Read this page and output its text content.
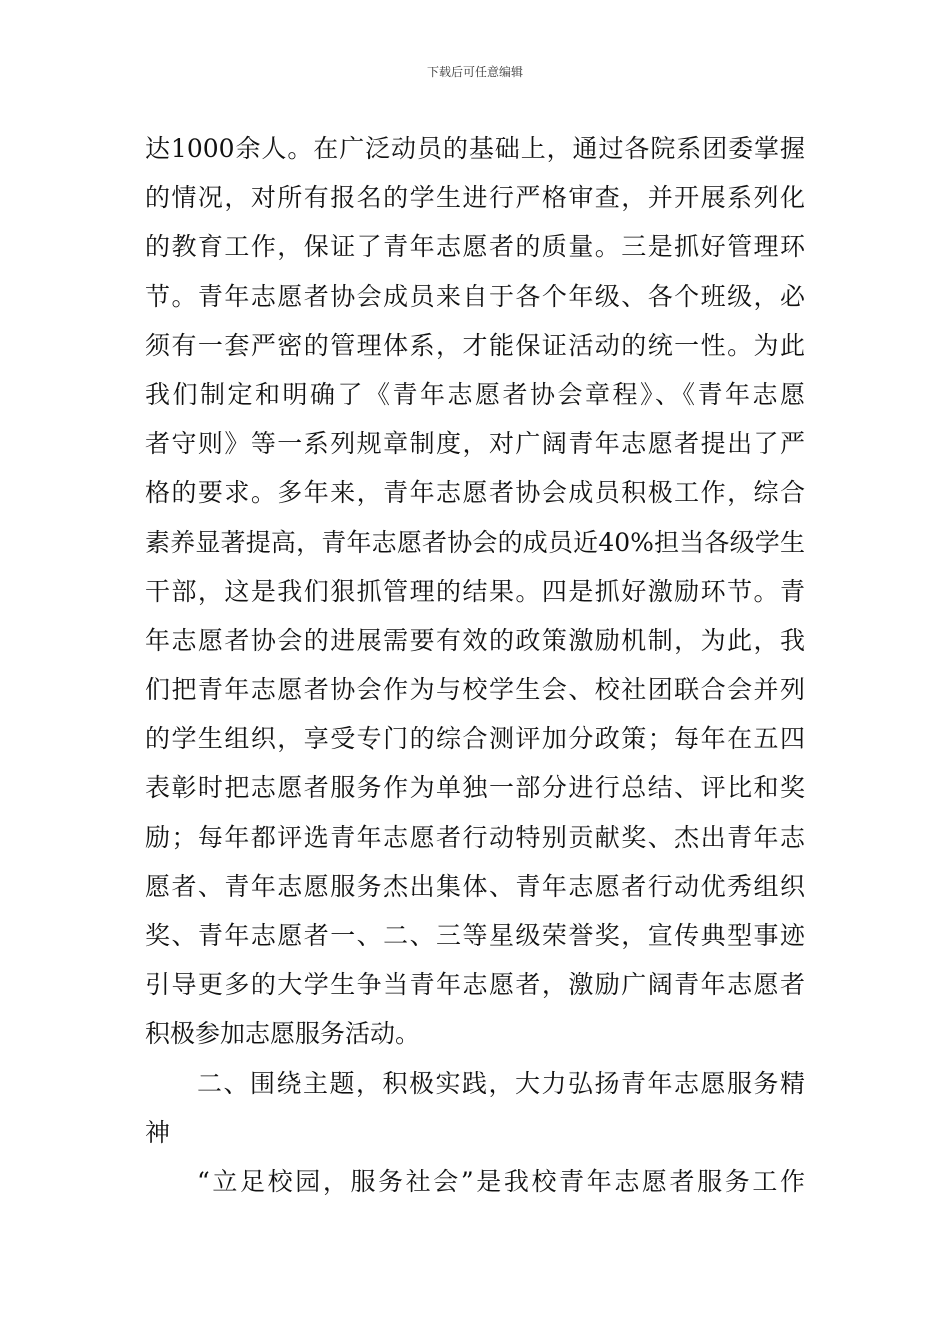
下载后可任意编辑
达1000余人。在广泛动员的基础上，通过各院系团委掌握
的情况，对所有报名的学生进行严格审查，并开展系列化
的教育工作，保证了青年志愿者的质量。三是抓好管理环
节。青年志愿者协会成员来自于各个年级、各个班级，必
须有一套严密的管理体系，才能保证活动的统一性。为此
我们制定和明确了《青年志愿者协会章程》、《青年志愿
者守则》等一系列规章制度，对广阔青年志愿者提出了严
格的要求。多年来，青年志愿者协会成员积极工作，综合
素养显著提高，青年志愿者协会的成员近40%担当各级学生
干部，这是我们狠抓管理的结果。四是抓好激励环节。青
年志愿者协会的进展需要有效的政策激励机制，为此，我
们把青年志愿者协会作为与校学生会、校社团联合会并列
的学生组织，享受专门的综合测评加分政策；每年在五四
表彰时把志愿者服务作为单独一部分进行总结、评比和奖
励；每年都评选青年志愿者行动特别贡献奖、杰出青年志
愿者、青年志愿服务杰出集体、青年志愿者行动优秀组织
奖、青年志愿者一、二、三等星级荣誉奖，宣传典型事迹
引导更多的大学生争当青年志愿者，激励广阔青年志愿者
积极参加志愿服务活动。
二、围绕主题，积极实践，大力弘扬青年志愿服务精
神
“立足校园，服务社会”是我校青年志愿者服务工作
